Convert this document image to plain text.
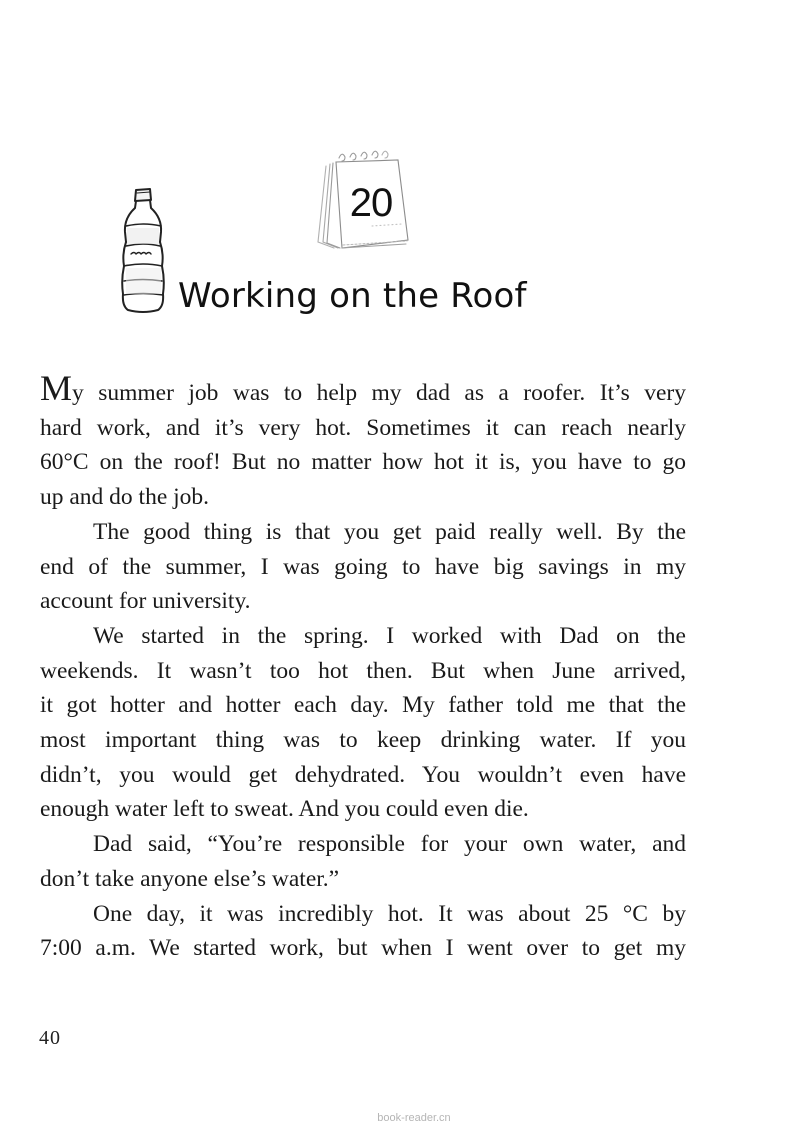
20
Working on the Roof

My summer job was to help my dad as a roofer. It’s very
hard work, and it’s very hot. Sometimes it can reach nearly
60°C on the roof! But no matter how hot it is, you have to go
up and do the job.

The good thing is that you get paid really well. By the
end of the summer, I was going to have big savings in my
account for university.

We started in the spring. I worked with Dad on the
weekends. It wasn’t too hot then. But when June arrived,
it got hotter and hotter each day. My father told me that the
most important thing was to keep drinking water. If you
didn’t, you would get dehydrated. You wouldn’t even have
enough water left to sweat. And you could even die.

Dad said, “You’re responsible for your own water, and
don’t take anyone else’s water.”

One day, it was incredibly hot. It was about 25 °C by
7:00 a.m. We started work, but when I went over to get my

40
book-reader.cn
